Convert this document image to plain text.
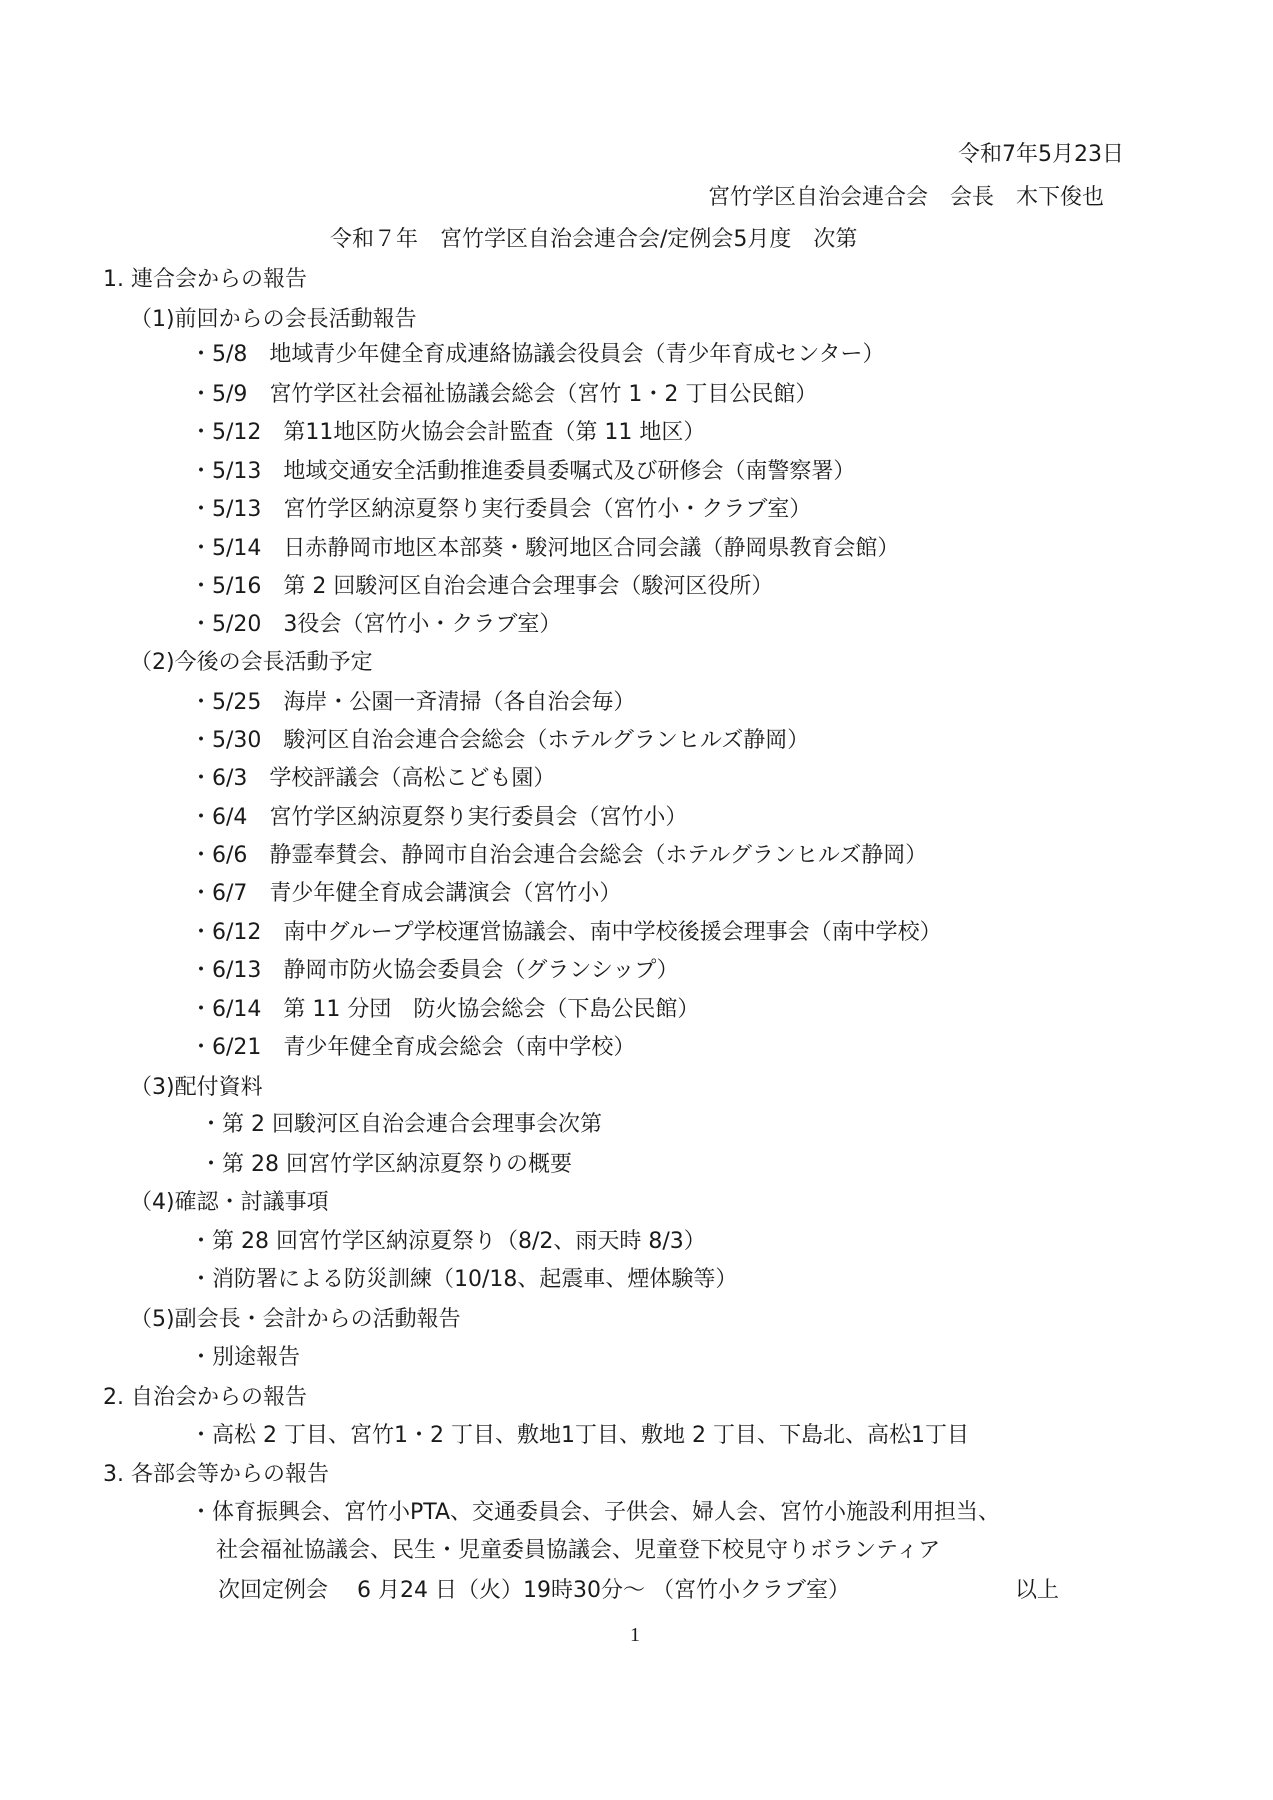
令和7年5月23日
宮竹学区自治会連合会　会長　木下俊也
令和７年　宮竹学区自治会連合会/定例会5月度　次第
1. 連合会からの報告
（1)前回からの会長活動報告
・5/8　地域青少年健全育成連絡協議会役員会（青少年育成センター）
・5/9　宮竹学区社会福祉協議会総会（宮竹 1・2 丁目公民館）
・5/12　第11地区防火協会会計監査（第 11 地区）
・5/13　地域交通安全活動推進委員委嘱式及び研修会（南警察署）
・5/13　宮竹学区納涼夏祭り実行委員会（宮竹小・クラブ室）
・5/14　日赤静岡市地区本部葵・駿河地区合同会議（静岡県教育会館）
・5/16　第 2 回駿河区自治会連合会理事会（駿河区役所）
・5/20　3役会（宮竹小・クラブ室）
（2)今後の会長活動予定
・5/25　海岸・公園一斉清掃（各自治会毎）
・5/30　駿河区自治会連合会総会（ホテルグランヒルズ静岡）
・6/3　学校評議会（高松こども園）
・6/4　宮竹学区納涼夏祭り実行委員会（宮竹小）
・6/6　静霊奉賛会、静岡市自治会連合会総会（ホテルグランヒルズ静岡）
・6/7　青少年健全育成会講演会（宮竹小）
・6/12　南中グループ学校運営協議会、南中学校後援会理事会（南中学校）
・6/13　静岡市防火協会委員会（グランシップ）
・6/14　第 11 分団　防火協会総会（下島公民館）
・6/21　青少年健全育成会総会（南中学校）
（3)配付資料
・第 2 回駿河区自治会連合会理事会次第
・第 28 回宮竹学区納涼夏祭りの概要
（4)確認・討議事項
・第 28 回宮竹学区納涼夏祭り（8/2、雨天時 8/3）
・消防署による防災訓練（10/18、起震車、煙体験等）
（5)副会長・会計からの活動報告
・別途報告
2. 自治会からの報告
・高松 2 丁目、宮竹1・2 丁目、敷地1丁目、敷地 2 丁目、下島北、高松1丁目
3. 各部会等からの報告
・体育振興会、宮竹小PTA、交通委員会、子供会、婦人会、宮竹小施設利用担当、
社会福祉協議会、民生・児童委員協議会、児童登下校見守りボランティア
次回定例会　 6 月24 日（火）19時30分～ （宮竹小クラブ室）	以上
1
